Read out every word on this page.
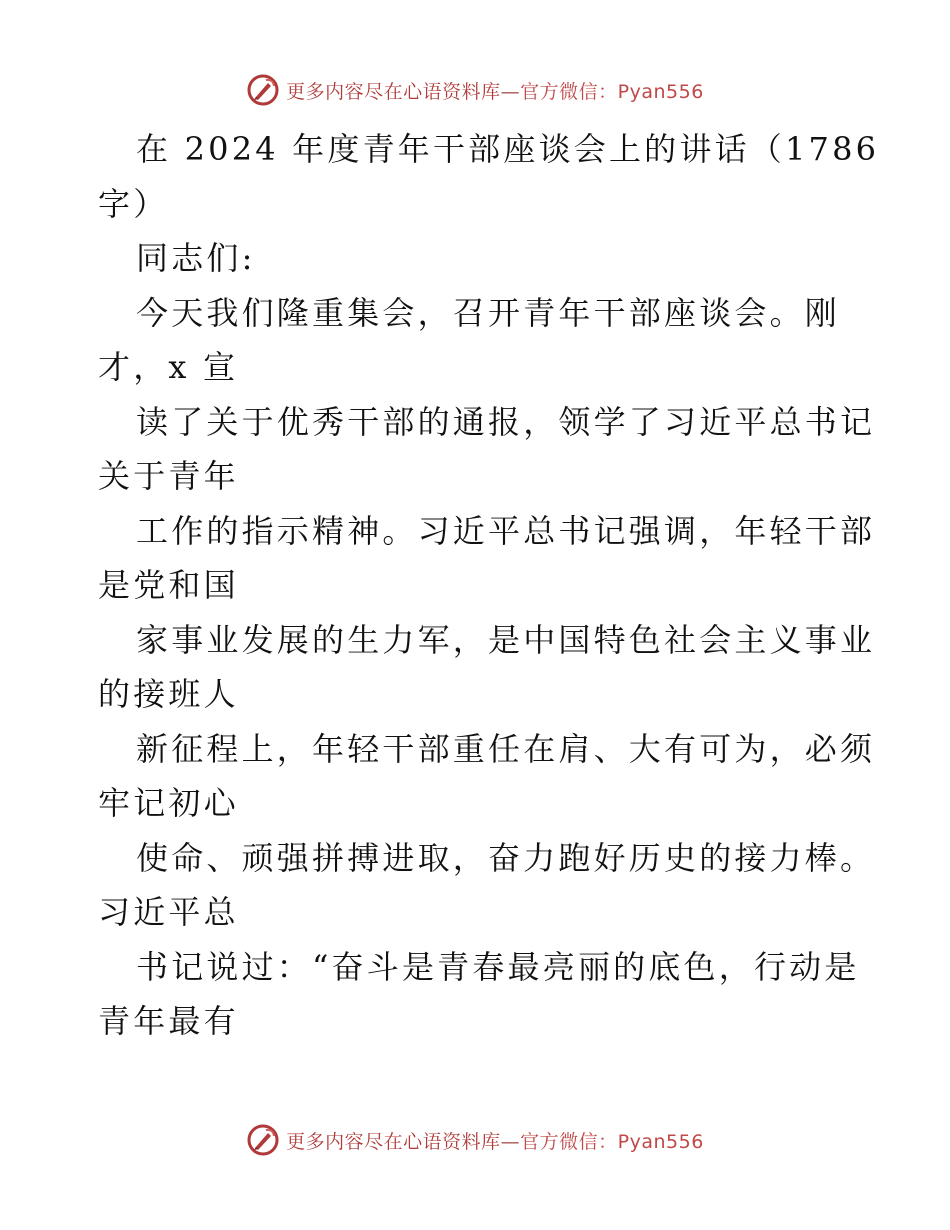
更多内容尽在心语资料库—官方微信：Pyan556
在 2024 年度青年干部座谈会上的讲话（1786
字）
同志们:
今天我们隆重集会，召开青年干部座谈会。刚
才，x 宣
读了关于优秀干部的通报，领学了习近平总书记
关于青年
工作的指示精神。习近平总书记强调，年轻干部
是党和国
家事业发展的生力军，是中国特色社会主义事业
的接班人
新征程上，年轻干部重任在肩、大有可为，必须
牢记初心
使命、顽强拼搏进取，奋力跑好历史的接力棒。
习近平总
书记说过：“奋斗是青春最亮丽的底色，行动是
青年最有
更多内容尽在心语资料库—官方微信：Pyan556
